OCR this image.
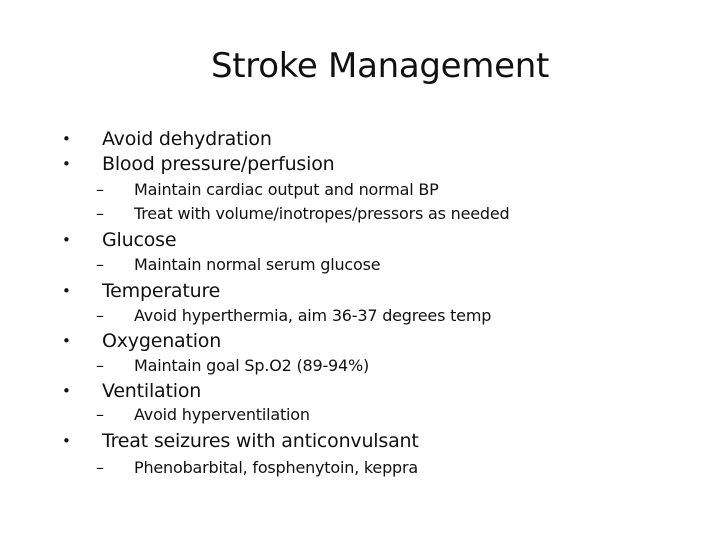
Stroke Management
• Avoid dehydration
• Blood pressure/perfusion
– Maintain cardiac output and normal BP
– Treat with volume/inotropes/pressors as needed
• Glucose
– Maintain normal serum glucose
• Temperature
– Avoid hyperthermia, aim 36-37 degrees temp
• Oxygenation
– Maintain goal Sp.O2 (89-94%)
• Ventilation
– Avoid hyperventilation
• Treat seizures with anticonvulsant
– Phenobarbital, fosphenytoin, keppra
